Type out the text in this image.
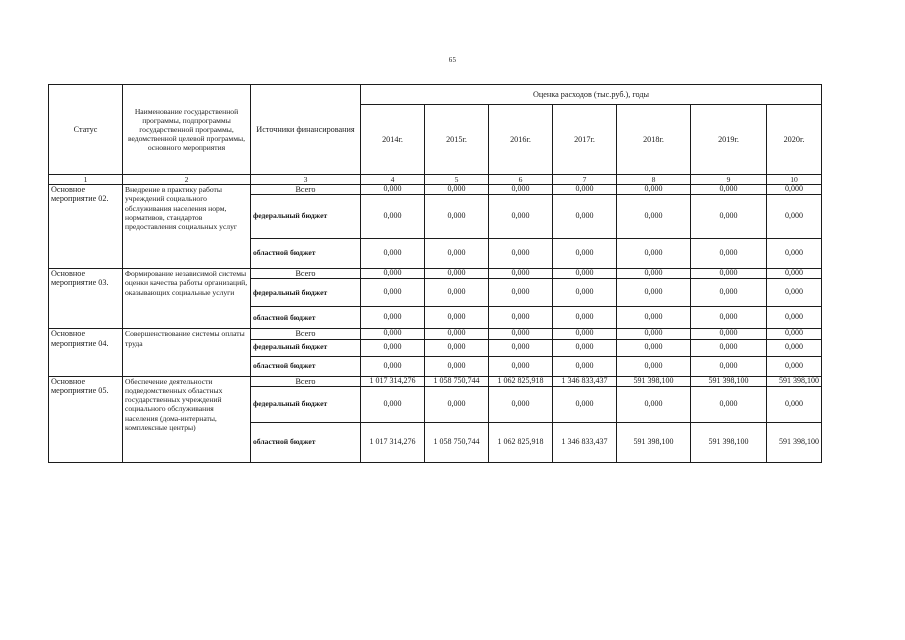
65
Статус	Наименование государственной программы, подпрограммы государственной программы, ведомственной целевой программы, основного мероприятия	Источники финансирования	Оценка расходов (тыс.руб.), годы						
			2014г.	2015г.	2016г.	2017г.	2018г.	2019г.	2020г.
1	2	3	4	5	6	7	8	9	10
Основное мероприятие 02.	Внедрение в практику работы учреждений социального обслуживания населения норм, нормативов, стандартов предоставления социальных услуг	Всего	0,000	0,000	0,000	0,000	0,000	0,000	0,000
		федеральный бюджет	0,000	0,000	0,000	0,000	0,000	0,000	0,000
		областной бюджет	0,000	0,000	0,000	0,000	0,000	0,000	0,000
Основное мероприятие 03.	Формирование независимой системы оценки качества работы организаций, оказывающих социальные услуги	Всего	0,000	0,000	0,000	0,000	0,000	0,000	0,000
		федеральный бюджет	0,000	0,000	0,000	0,000	0,000	0,000	0,000
		областной бюджет	0,000	0,000	0,000	0,000	0,000	0,000	0,000
Основное мероприятие 04.	Совершенствование системы оплаты труда	Всего	0,000	0,000	0,000	0,000	0,000	0,000	0,000
		федеральный бюджет	0,000	0,000	0,000	0,000	0,000	0,000	0,000
		областной бюджет	0,000	0,000	0,000	0,000	0,000	0,000	0,000
Основное мероприятие 05.	Обеспечение деятельности подведомственных областных государственных учреждений социального обслуживания населения (дома-интернаты, комплексные центры)	Всего	1 017 314,276	1 058 750,744	1 062 825,918	1 346 833,437	591 398,100	591 398,100	591 398,100
		федеральный бюджет	0,000	0,000	0,000	0,000	0,000	0,000	0,000
		областной бюджет	1 017 314,276	1 058 750,744	1 062 825,918	1 346 833,437	591 398,100	591 398,100	591 398,100
